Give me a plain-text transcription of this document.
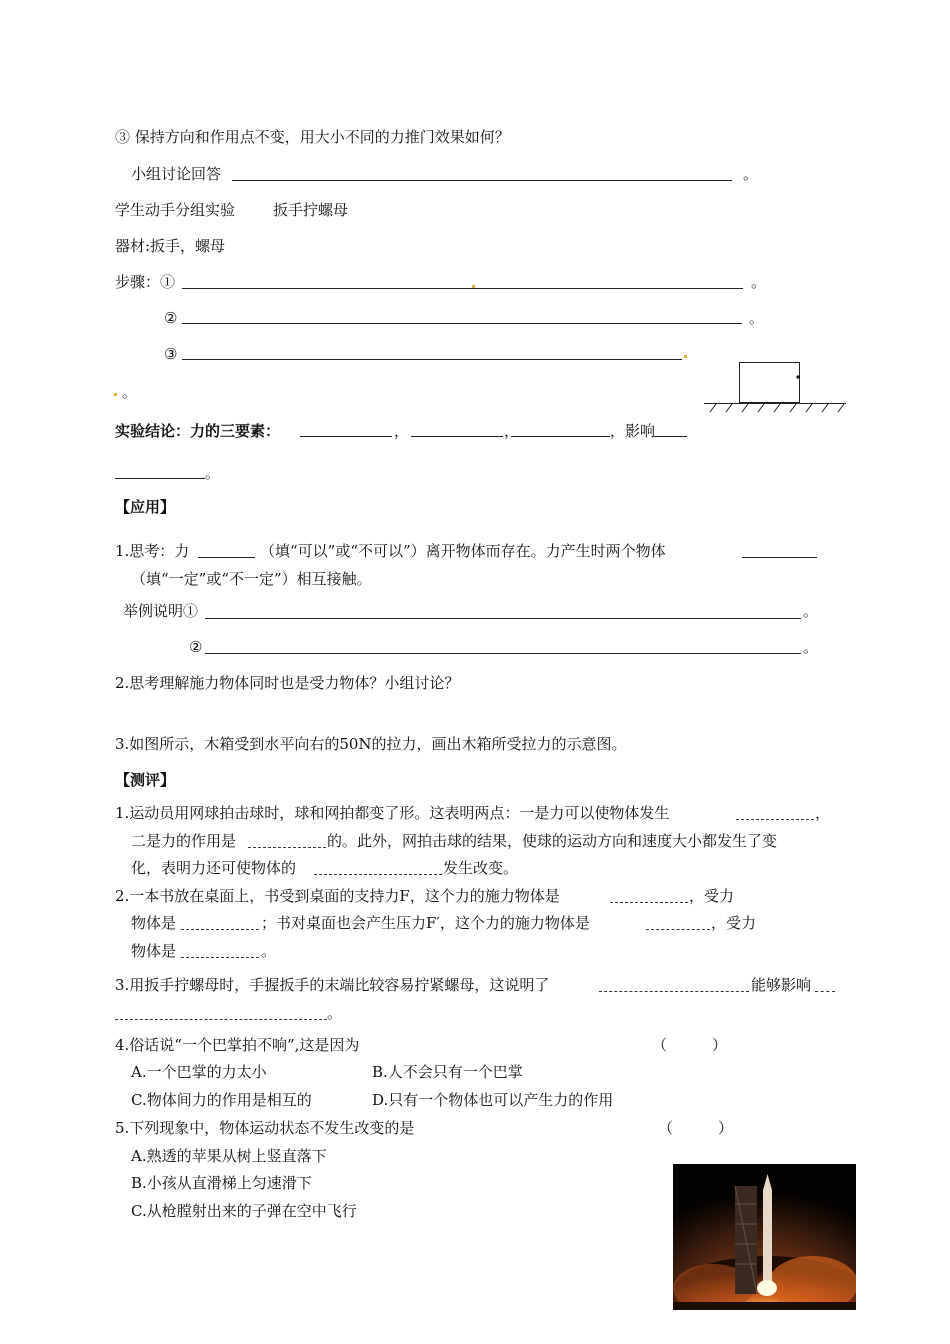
③ 保持方向和作用点不变，用大小不同的力推门效果如何？
小组讨论回答	。
学生动手分组实验	扳手拧螺母
器材:扳手，螺母
步骤：①	。
②	。
③
。
实验结论：力的三要素：	，	，	，影响
。
【应用】
1.思考：力	（填“可以”或“不可以”）离开物体而存在。力产生时两个物体
（填“一定”或“不一定”）相互接触。
举例说明①	。
②	。
2.思考理解施力物体同时也是受力物体？小组讨论？
3.如图所示，木箱受到水平向右的50N的拉力，画出木箱所受拉力的示意图。
【测评】
1.运动员用网球拍击球时，球和网拍都变了形。这表明两点：一是力可以使物体发生	，
二是力的作用是	的。此外，网拍击球的结果，使球的运动方向和速度大小都发生了变
化，表明力还可使物体的	发生改变。
2.一本书放在桌面上，书受到桌面的支持力F，这个力的施力物体是	，受力
物体是	；书对桌面也会产生压力F′，这个力的施力物体是	，受力
物体是	。
3.用扳手拧螺母时，手握扳手的末端比较容易拧紧螺母，这说明了	能够影响
。
4.俗话说“一个巴掌拍不响”,这是因为	（　　　）
A.一个巴掌的力太小	B.人不会只有一个巴掌
C.物体间力的作用是相互的	D.只有一个物体也可以产生力的作用
5.下列现象中，物体运动状态不发生改变的是	（　　　）
A.熟透的苹果从树上竖直落下
B.小孩从直滑梯上匀速滑下
C.从枪膛射出来的子弹在空中飞行
